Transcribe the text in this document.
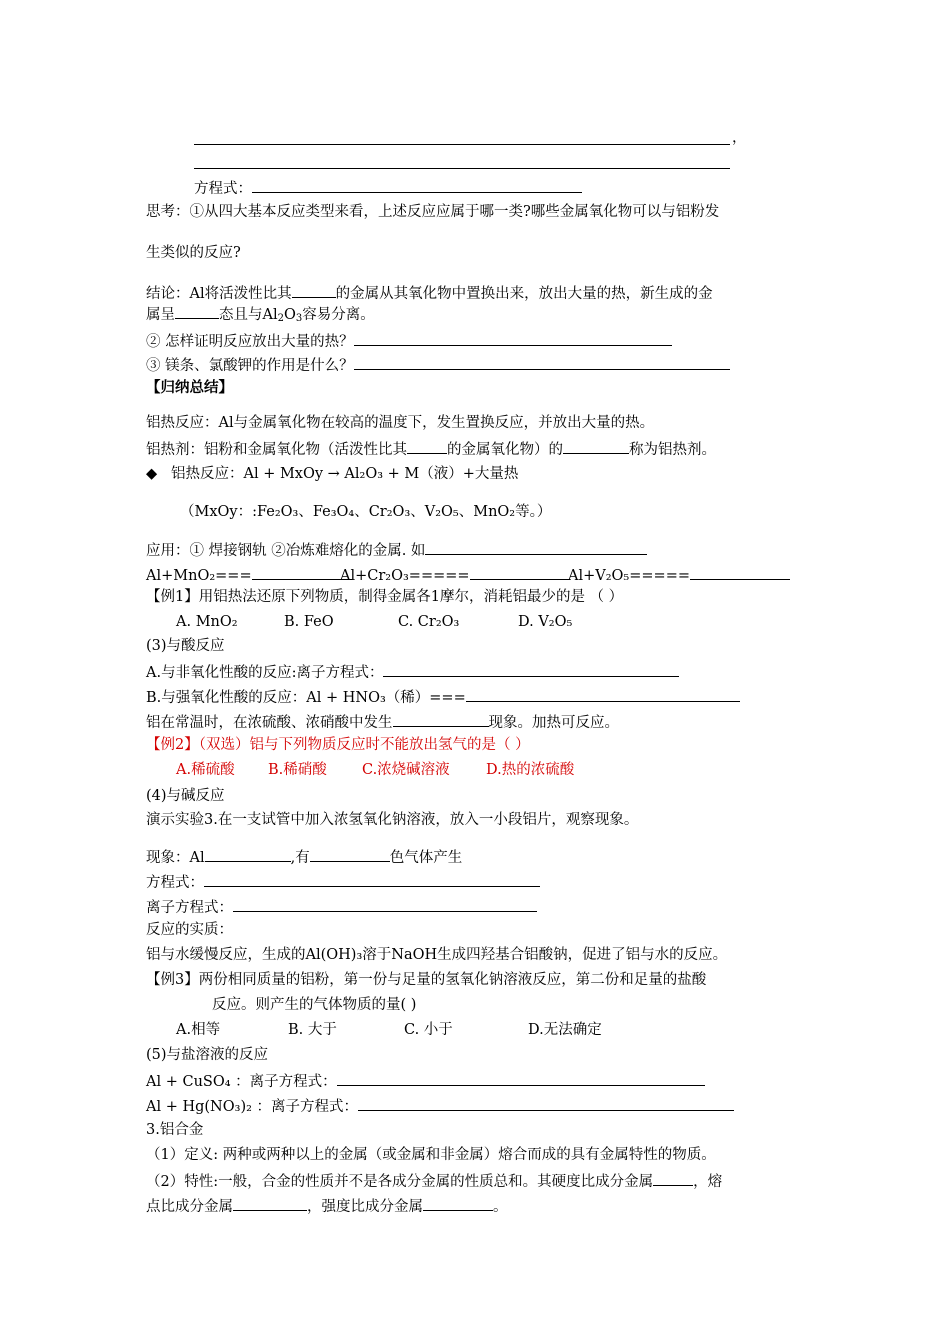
，
方程式：
思考：①从四大基本反应类型来看，上述反应应属于哪一类?哪些金属氧化物可以与铝粉发
生类似的反应?
结论：Al将活泼性比其	的金属从其氧化物中置换出来，放出大量的热，新生成的金
属呈	态且与$Al_2O_3$容易分离。
② 怎样证明反应放出大量的热？
③ 镁条、氯酸钾的作用是什么？
【归纳总结】
铝热反应：Al与金属氧化物在较高的温度下，发生置换反应，并放出大量的热。
铝热剂：铝粉和金属氧化物（活泼性比其	的金属氧化物）的	称为铝热剂。
◆ 铝热反应：Al + MxOy → Al₂O₃ + M（液）+大量热
（MxOy：:Fe₂O₃、Fe₃O₄、Cr₂O₃、V₂O₅、MnO₂等。）
应用：① 焊接钢轨 ②冶炼难熔化的金属. 如
Al+MnO₂===	Al+Cr₂O₃=====	Al+V₂O₅=====
【例1】用铝热法还原下列物质，制得金属各1摩尔，消耗铝最少的是 （ ）
A. MnO₂	B. FeO	C. Cr₂O₃	D. V₂O₅
(3)与酸反应
A.与非氧化性酸的反应:离子方程式：
B.与强氧化性酸的反应：Al + HNO₃（稀）===
铝在常温时，在浓硫酸、浓硝酸中发生	现象。加热可反应。
【例2】（双选）铝与下列物质反应时不能放出氢气的是（ ）
A.稀硫酸 B.稀硝酸 C.浓烧碱溶液	D.热的浓硫酸
(4)与碱反应
演示实验3.在一支试管中加入浓氢氧化钠溶液，放入一小段铝片，观察现象。
现象：Al	,有	色气体产生
方程式：
离子方程式：
反应的实质：
铝与水缓慢反应，生成的Al(OH)₃溶于NaOH生成四羟基合铝酸钠，促进了铝与水的反应。
【例3】两份相同质量的铝粉，第一份与足量的氢氧化钠溶液反应，第二份和足量的盐酸
反应。则产生的气体物质的量( )
A.相等	B. 大于	C. 小于	D.无法确定
(5)与盐溶液的反应
Al + CuSO₄ ：离子方程式：
Al + Hg(NO₃)₂ ：离子方程式：
3.铝合金
（1）定义: 两种或两种以上的金属（或金属和非金属）熔合而成的具有金属特性的物质。
（2）特性:一般，合金的性质并不是各成分金属的性质总和。其硬度比成分金属	，熔
点比成分金属	，强度比成分金属	。
